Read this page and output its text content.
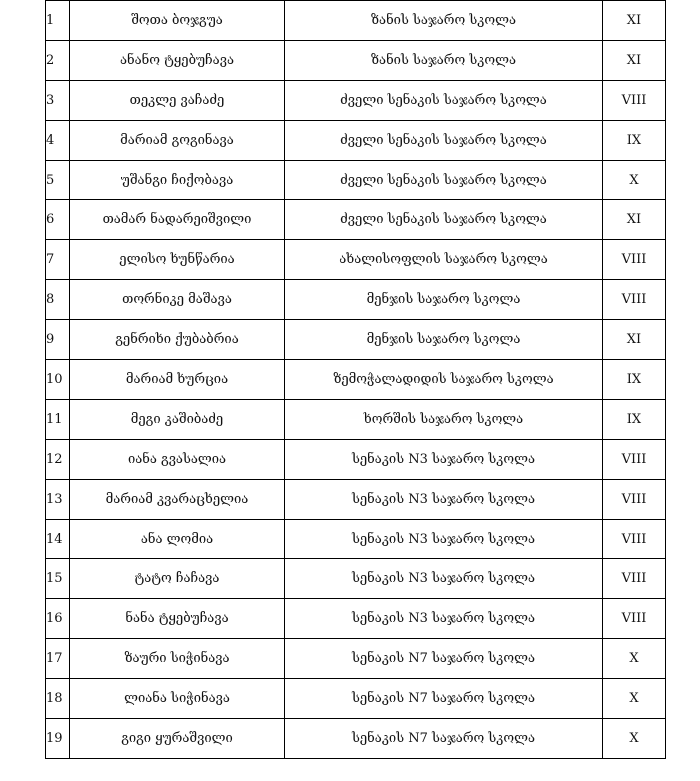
1	შოთა ბოჯგუა	ზანის საჯარო სკოლა	XI
2	ანანო ტყებუჩავა	ზანის საჯარო სკოლა	XI
3	თეკლე ვაჩაძე	ძველი სენაკის საჯარო სკოლა	VIII
4	მარიამ გოგინავა	ძველი სენაკის საჯარო სკოლა	IX
5	უშანგი ჩიქობავა	ძველი სენაკის საჯარო სკოლა	X
6	თამარ ნადარეიშვილი	ძველი სენაკის საჯარო სკოლა	XI
7	ელისო ხუნწარია	ახალისოფლის საჯარო სკოლა	VIII
8	თორნიკე მაშავა	მენჯის საჯარო სკოლა	VIII
9	გენრიხი ქუბაბრია	მენჯის საჯარო სკოლა	XI
10	მარიამ ხურცია	ზემოჭალადიდის საჯარო სკოლა	IX
11	მეგი კაშიბაძე	ხორშის საჯარო სკოლა	IX
12	იანა გვასალია	სენაკის N3 საჯარო სკოლა	VIII
13	მარიამ კვარაცხელია	სენაკის N3 საჯარო სკოლა	VIII
14	ანა ლომია	სენაკის N3 საჯარო სკოლა	VIII
15	ტატო ჩაჩავა	სენაკის N3 საჯარო სკოლა	VIII
16	ნანა ტყებუჩავა	სენაკის N3 საჯარო სკოლა	VIII
17	ზაური სიჭინავა	სენაკის N7 საჯარო სკოლა	X
18	ლიანა სიჭინავა	სენაკის N7 საჯარო სკოლა	X
19	გიგი ყურაშვილი	სენაკის N7 საჯარო სკოლა	X
